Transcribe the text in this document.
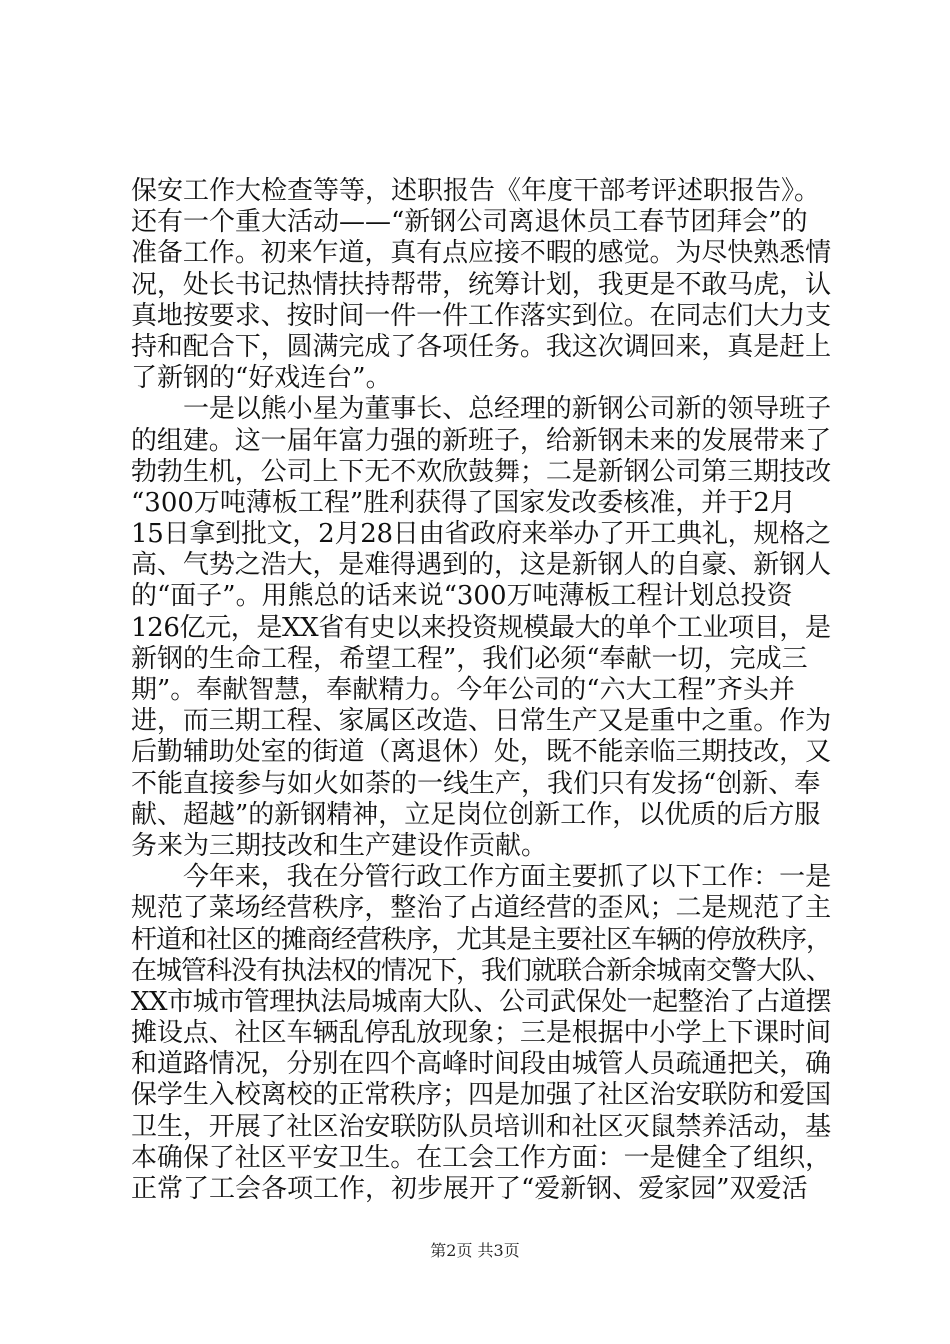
保安工作大检查等等，述职报告《年度干部考评述职报告》。
还有一个重大活动——“新钢公司离退休员工春节团拜会”的
准备工作。初来乍道，真有点应接不暇的感觉。为尽快熟悉情
况，处长书记热情扶持帮带，统筹计划，我更是不敢马虎，认
真地按要求、按时间一件一件工作落实到位。在同志们大力支
持和配合下，圆满完成了各项任务。我这次调回来，真是赶上
了新钢的“好戏连台”。
一是以熊小星为董事长、总经理的新钢公司新的领导班子
的组建。这一届年富力强的新班子，给新钢未来的发展带来了
勃勃生机，公司上下无不欢欣鼓舞；二是新钢公司第三期技改
“300万吨薄板工程”胜利获得了国家发改委核准，并于2月
15日拿到批文，2月28日由省政府来举办了开工典礼，规格之
高、气势之浩大，是难得遇到的，这是新钢人的自豪、新钢人
的“面子”。用熊总的话来说“300万吨薄板工程计划总投资
126亿元，是XX省有史以来投资规模最大的单个工业项目，是
新钢的生命工程，希望工程”，我们必须“奉献一切，完成三
期”。奉献智慧，奉献精力。今年公司的“六大工程”齐头并
进，而三期工程、家属区改造、日常生产又是重中之重。作为
后勤辅助处室的街道（离退休）处，既不能亲临三期技改，又
不能直接参与如火如荼的一线生产，我们只有发扬“创新、奉
献、超越”的新钢精神，立足岗位创新工作，以优质的后方服
务来为三期技改和生产建设作贡献。
今年来，我在分管行政工作方面主要抓了以下工作：一是
规范了菜场经营秩序，整治了占道经营的歪风；二是规范了主
杆道和社区的摊商经营秩序，尤其是主要社区车辆的停放秩序，
在城管科没有执法权的情况下，我们就联合新余城南交警大队、
XX市城市管理执法局城南大队、公司武保处一起整治了占道摆
摊设点、社区车辆乱停乱放现象；三是根据中小学上下课时间
和道路情况，分别在四个高峰时间段由城管人员疏通把关，确
保学生入校离校的正常秩序；四是加强了社区治安联防和爱国
卫生，开展了社区治安联防队员培训和社区灭鼠禁养活动，基
本确保了社区平安卫生。在工会工作方面：一是健全了组织，
正常了工会各项工作，初步展开了“爱新钢、爱家园”双爱活
第2页 共3页
